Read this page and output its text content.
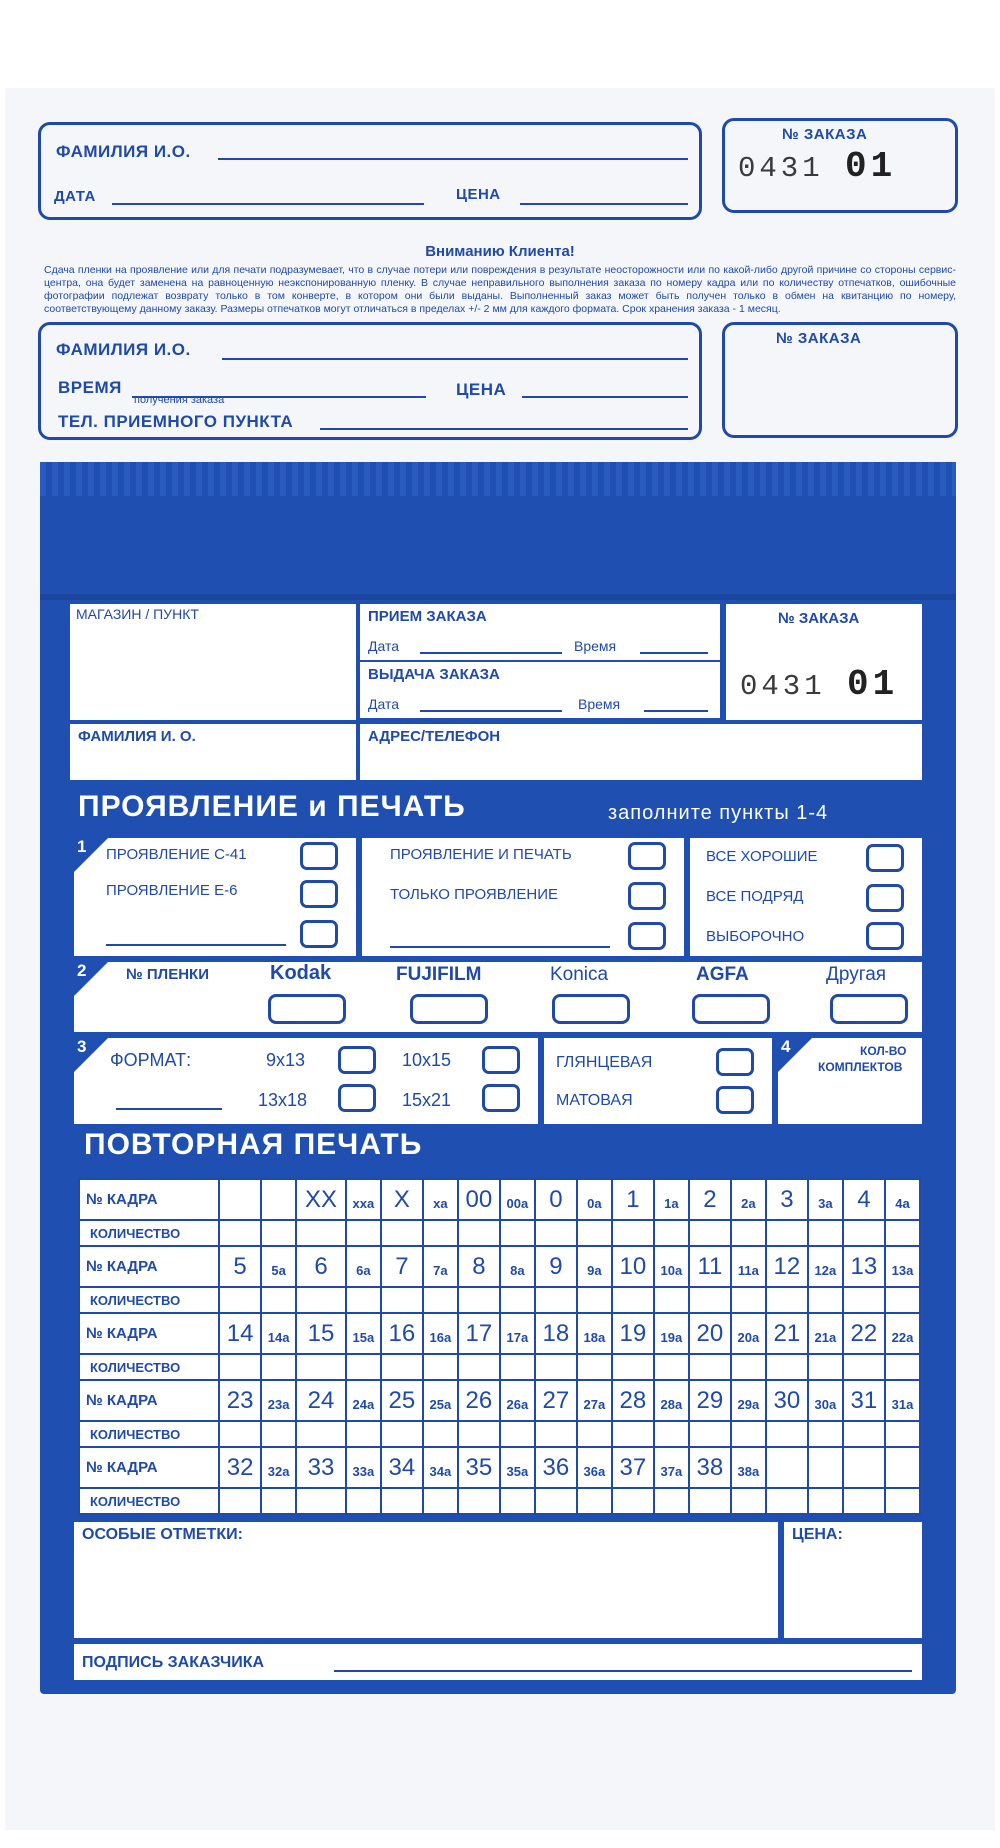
ФАМИЛИЯ И.О.
ДАТА	ЦЕНА
№ ЗАКАЗА
0431 01
Вниманию Клиента!
Сдача пленки на проявление или для печати подразумевает, что в случае потери или повреждения в результате неосторожности или по какой-либо другой причине со стороны сервис-центра, она будет заменена на равноценную неэкспонированную пленку. В случае неправильного выполнения заказа по номеру кадра или по количеству отпечатков, ошибочные фотографии подлежат возврату только в том конверте, в котором они были выданы. Выполненный заказ может быть получен только в обмен на квитанцию по номеру, соответствующему данному заказу. Размеры отпечатков могут отличаться в пределах +/- 2 мм для каждого формата. Срок хранения заказа - 1 месяц.
ФАМИЛИЯ И.О.
ВРЕМЯ
получения заказа
ЦЕНА
ТЕЛ. ПРИЕМНОГО ПУНКТА
№ ЗАКАЗА
МАГАЗИН / ПУНКТ	ПРИЕМ ЗАКАЗА
Дата	Время
ВЫДАЧА ЗАКАЗА
Дата	Время
№ ЗАКАЗА
0431 01
ФАМИЛИЯ И. О.	АДРЕС/ТЕЛЕФОН
ПРОЯВЛЕНИЕ и ПЕЧАТЬ	заполните пункты 1-4
1 ПРОЯВЛЕНИЕ С-41
ПРОЯВЛЕНИЕ Е-6
ПРОЯВЛЕНИЕ И ПЕЧАТЬ
ТОЛЬКО ПРОЯВЛЕНИЕ
ВСЕ ХОРОШИЕ
ВСЕ ПОДРЯД
ВЫБОРОЧНО
2	№ ПЛЕНКИ	Kodak	FUJIFILM	Konica	AGFA	Другая
3
ФОРМАТ:	9х13	10х15
13х18	15х21
ГЛЯНЦЕВАЯ
МАТОВАЯ
4	КОЛ-ВО
КОМПЛЕКТОВ
ПОВТОРНАЯ ПЕЧАТЬ
№ КАДРА			XX	xxa	X	xa	00	00a	0	0a	1	1a	2	2a	3	3a	4	4a
КОЛИЧЕСТВО																		
№ КАДРА	5	5a	6	6a	7	7a	8	8a	9	9a	10	10a	11	11a	12	12a	13	13a
КОЛИЧЕСТВО																		
№ КАДРА	14	14a	15	15a	16	16a	17	17a	18	18a	19	19a	20	20a	21	21a	22	22a
КОЛИЧЕСТВО																		
№ КАДРА	23	23a	24	24a	25	25a	26	26a	27	27a	28	28a	29	29a	30	30a	31	31a
КОЛИЧЕСТВО																		
№ КАДРА	32	32a	33	33a	34	34a	35	35a	36	36a	37	37a	38	38a				
КОЛИЧЕСТВО																		
ОСОБЫЕ ОТМЕТКИ:	ЦЕНА:
ПОДПИСЬ ЗАКАЗЧИКА
